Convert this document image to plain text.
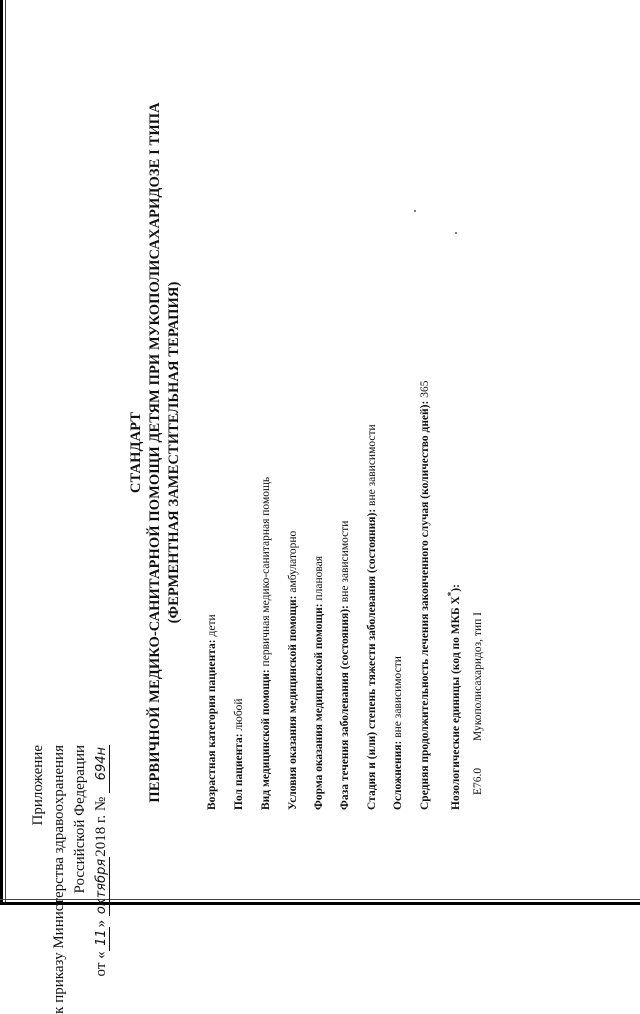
Приложение к приказу Министерства здравоохранения Российской Федерации
от «11» октября2018 г. № 694н
СТАНДАРТ ПЕРВИЧНОЙ МЕДИКО-САНИТАРНОЙ ПОМОЩИ ДЕТЯМ ПРИ МУКОПОЛИСАХАРИДОЗЕ I ТИПА (ФЕРМЕНТНАЯ ЗАМЕСТИТЕЛЬНАЯ ТЕРАПИЯ)
Возрастная категория пациента: дети
Пол пациента: любой Вид медицинской помощи: первичная медико-санитарная помощь
Условия оказания медицинской помощи: амбулаторно
Форма оказания медицинской помощи: плановая
Фаза течения заболевания (состояния): вне зависимости Стадия и (или) степень тяжести заболевания (состояния): вне зависимости
Осложнения: вне зависимости Средняя продолжительность лечения законченного случая (количество дней): 365
Нозологические единицы (код по МКБ X*):
E76.0Мукополисахаридоз, тип I
